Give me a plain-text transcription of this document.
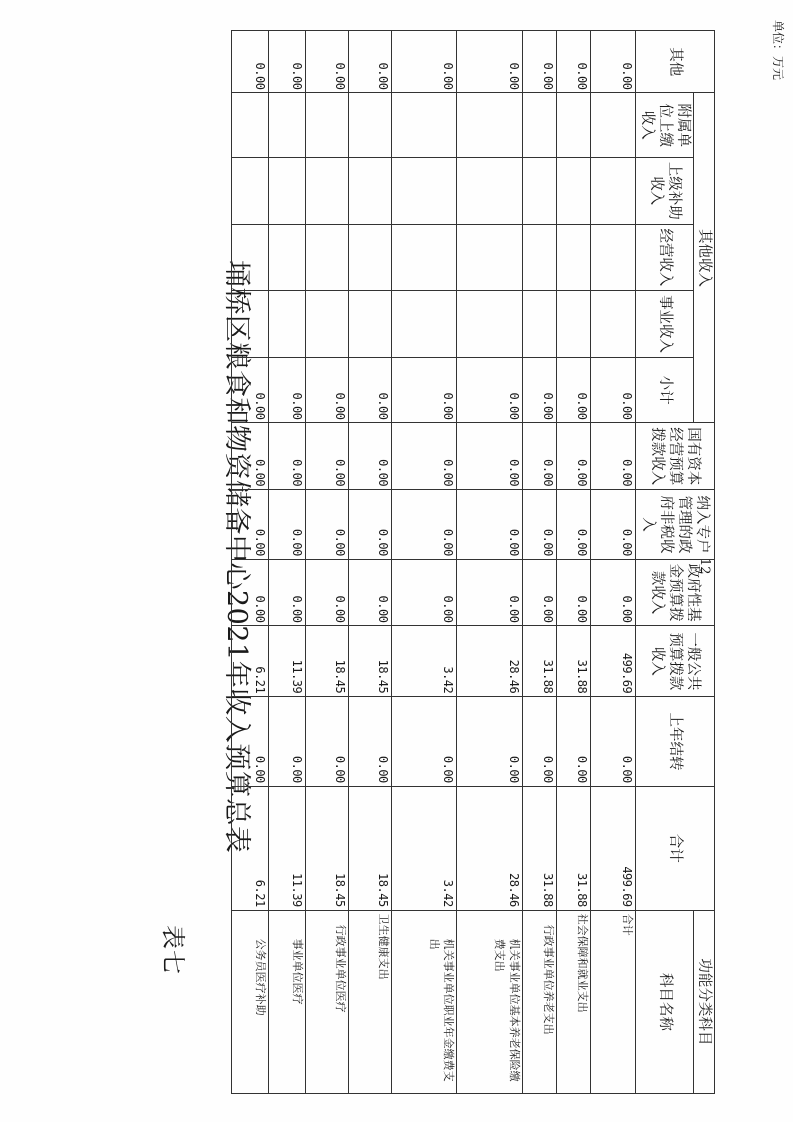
12
表七
埇桥区粮食和物资储备中心2021年收入预算总表
单位：万元
其他	其他收入					国有资本经营预算拨款收入	纳入专户管理的政府非税收入	政府性基金预算拨款收入	一般公共预算拨款收入	上年结转	合计	功能分类科目
	附属单位上缴收入	上级补助收入	经营收入	事业收入	小计							科目名称
0.00					0.00	0.00	0.00	0.00	499.69	0.00	499.69	合计
0.00					0.00	0.00	0.00	0.00	31.88	0.00	31.88	社会保障和就业支出
0.00					0.00	0.00	0.00	0.00	31.88	0.00	31.88	行政事业单位养老支出
0.00					0.00	0.00	0.00	0.00	28.46	0.00	28.46	机关事业单位基本养老保险缴费支出
0.00					0.00	0.00	0.00	0.00	3.42	0.00	3.42	机关事业单位职业年金缴费支出
0.00					0.00	0.00	0.00	0.00	18.45	0.00	18.45	卫生健康支出
0.00					0.00	0.00	0.00	0.00	18.45	0.00	18.45	行政事业单位医疗
0.00					0.00	0.00	0.00	0.00	11.39	0.00	11.39	事业单位医疗
0.00					0.00	0.00	0.00	0.00	6.21	0.00	6.21	公务员医疗补助
